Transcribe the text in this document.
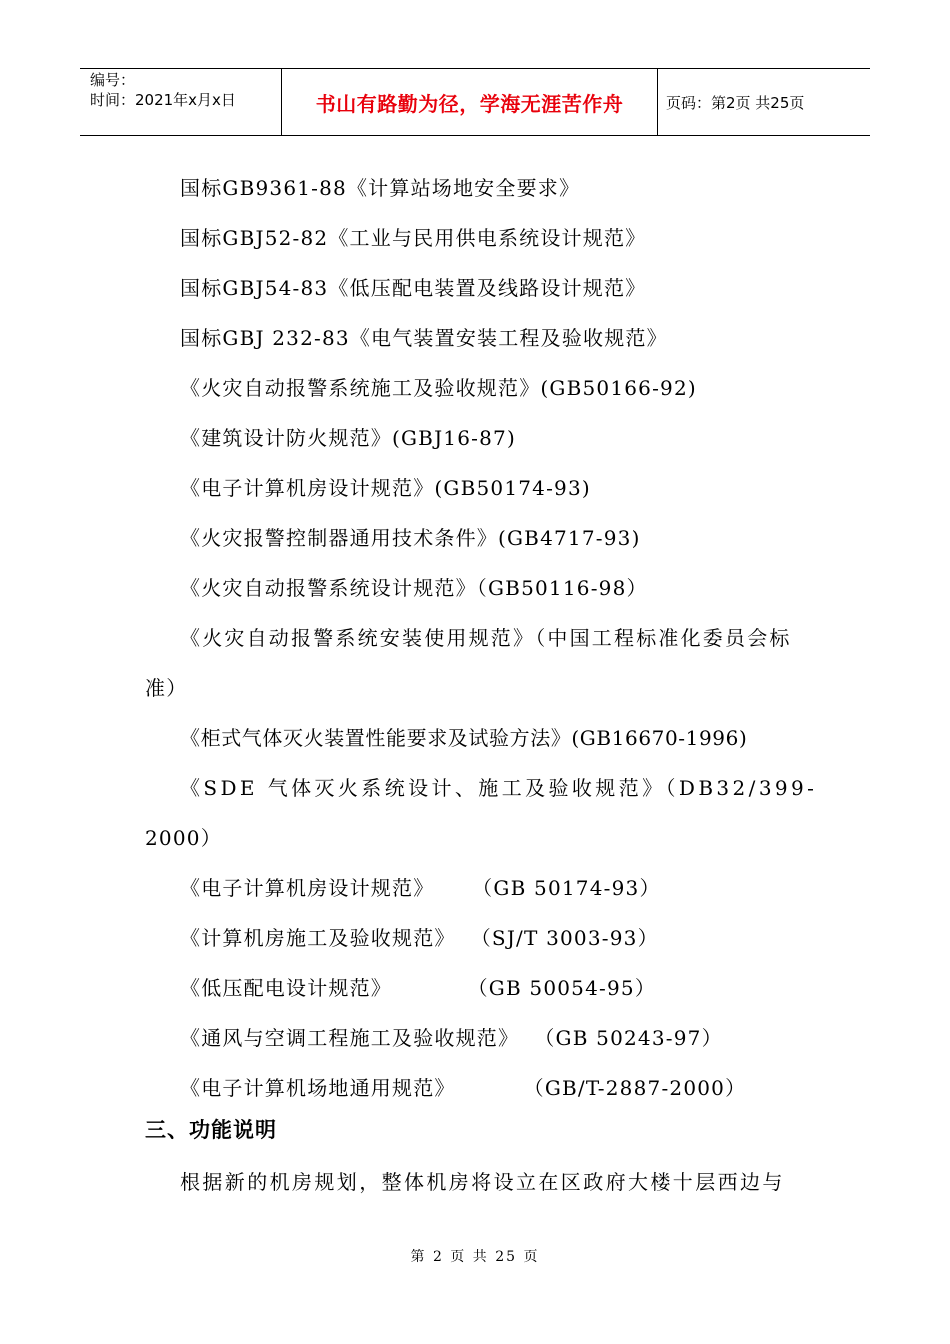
编号：
时间：2021年x月x日	书山有路勤为径，学海无涯苦作舟	页码：第2页 共25页
国标GB9361-88《计算站场地安全要求》
国标GBJ52-82《工业与民用供电系统设计规范》
国标GBJ54-83《低压配电装置及线路设计规范》
国标GBJ 232-83《电气装置安装工程及验收规范》
《火灾自动报警系统施工及验收规范》(GB50166-92)
《建筑设计防火规范》(GBJ16-87)
《电子计算机房设计规范》(GB50174-93)
《火灾报警控制器通用技术条件》(GB4717-93)
《火灾自动报警系统设计规范》（GB50116-98）
《火灾自动报警系统安装使用规范》（中国工程标准化委员会标
准）
《柜式气体灭火装置性能要求及试验方法》(GB16670-1996)
《SDE 气体灭火系统设计、施工及验收规范》（DB32/399-
2000）
《电子计算机房设计规范》     （GB 50174-93）
《计算机房施工及验收规范》  （SJ/T 3003-93）
《低压配电设计规范》          （GB 50054-95）
《通风与空调工程施工及验收规范》  （GB 50243-97）
《电子计算机场地通用规范》         （GB/T-2887-2000）
三、功能说明
根据新的机房规划，整体机房将设立在区政府大楼十层西边与
第 2 页 共 25 页
